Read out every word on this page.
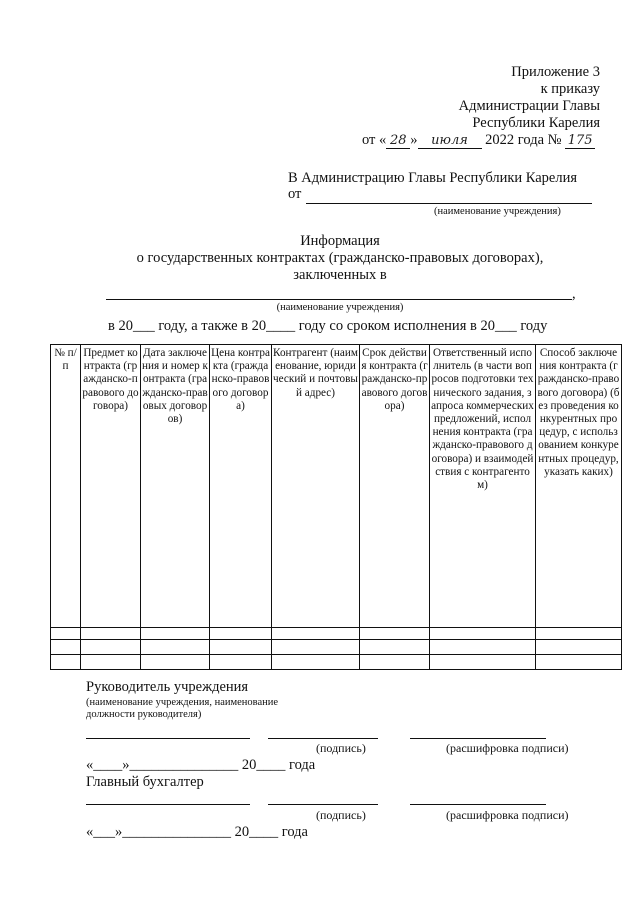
Приложение 3
к приказу
Администрации Главы
Республики Карелия
от « 28 » июля 2022 года № 175
В Администрацию Главы Республики Карелия
от
(наименование учреждения)
Информация
о государственных контрактах (гражданско-правовых договорах),
заключенных в
,
(наименование учреждения)
в 20___ году, а также в 20____ году со сроком исполнения в 20___ году
№ п/п	Предмет контракта (гражданско-правового договора)	Дата заключения и номер контракта (гражданско-правовых договоров)	Цена контракта (гражданско-правового договора)	Контрагент (наименование, юридический и почтовый адрес)	Срок действия контракта (гражданско-правового договора)	Ответственный исполнитель (в части вопросов подготовки технического задания, запроса коммерческих предложений, исполнения контракта (гражданско-правового договора) и взаимодействия с контрагентом)	Способ заключения контракта (гражданско-правового договора) (без проведения конкурентных процедур, с использованием конкурентных процедур, указать каких)

Руководитель учреждения
(наименование учреждения, наименование
должности руководителя)
(подпись)	(расшифровка подписи)
«____»_______________ 20____ года
Главный бухгалтер
(подпись)	(расшифровка подписи)
«___»_______________ 20____ года
